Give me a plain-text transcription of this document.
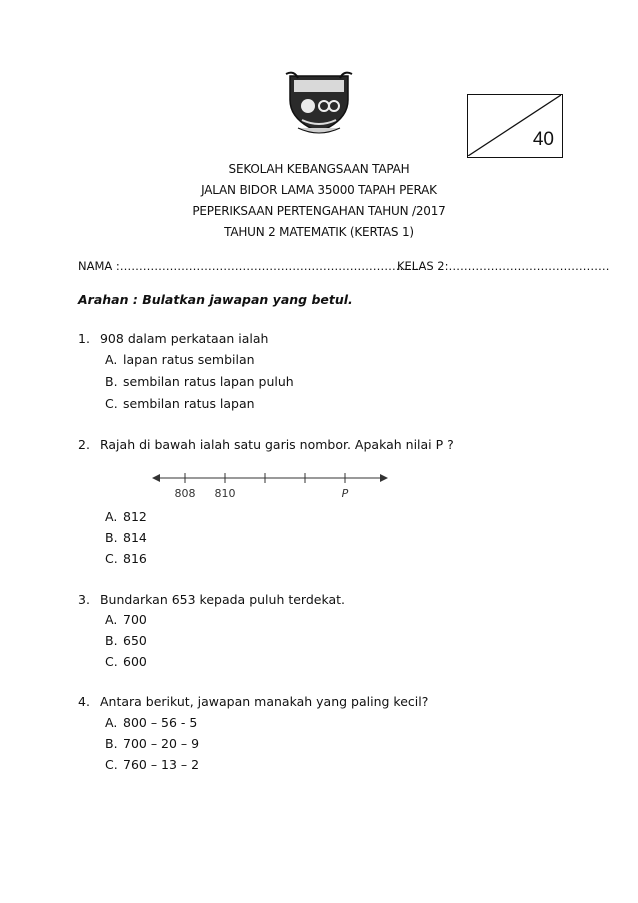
40
SEKOLAH KEBANGSAAN TAPAH
JALAN BIDOR LAMA 35000 TAPAH PERAK
PEPERIKSAAN PERTENGAHAN TAHUN /2017
TAHUN 2 MATEMATIK (KERTAS 1)
NAMA :……………………………………………………………………
KELAS 2:……………………………………
Arahan : Bulatkan jawapan yang betul.
1. 908 dalam perkataan ialah
A. lapan ratus sembilan
B. sembilan ratus lapan puluh
C. sembilan ratus lapan
2. Rajah di bawah ialah satu garis nombor. Apakah nilai P ?
808 810	P
A. 812
B. 814
C. 816
3. Bundarkan 653 kepada puluh terdekat.
A. 700
B. 650
C. 600
4. Antara berikut, jawapan manakah yang paling kecil?
A. 800 – 56 - 5
B. 700 – 20 – 9
C. 760 – 13 – 2
